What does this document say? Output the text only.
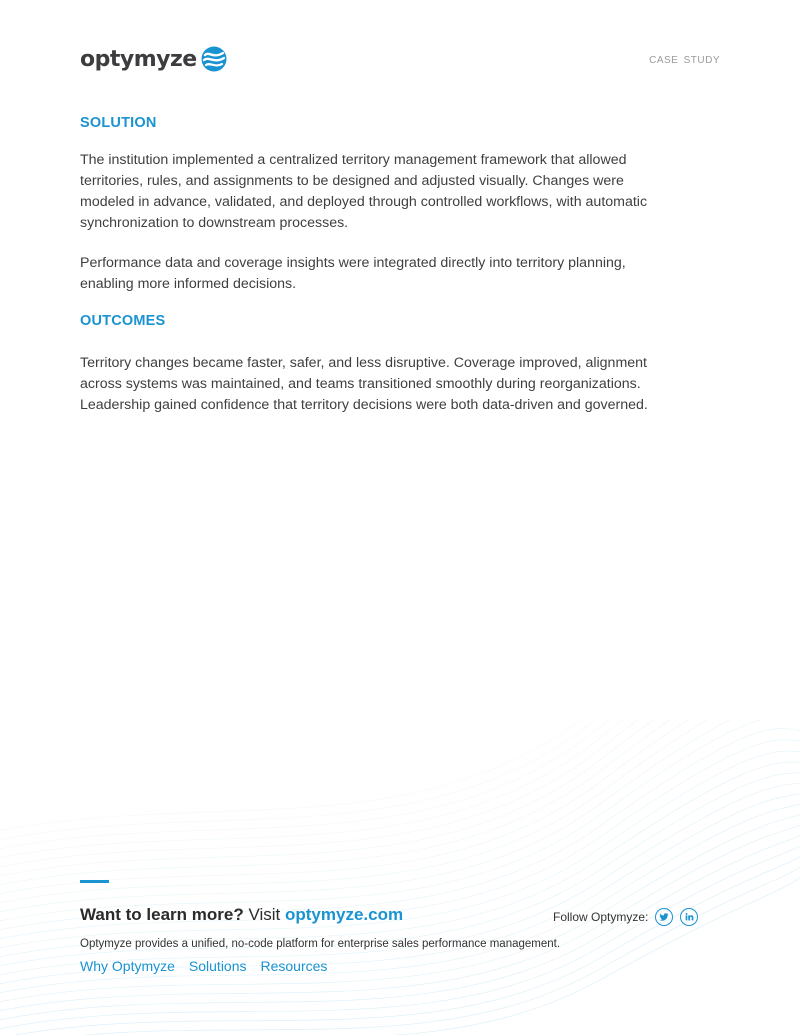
optymyze	CASE STUDY
SOLUTION

The institution implemented a centralized territory management framework that allowed territories, rules, and assignments to be designed and adjusted visually. Changes were modeled in advance, validated, and deployed through controlled workflows, with automatic synchronization to downstream processes.

Performance data and coverage insights were integrated directly into territory planning, enabling more informed decisions.

OUTCOMES

Territory changes became faster, safer, and less disruptive. Coverage improved, alignment across systems was maintained, and teams transitioned smoothly during reorganizations. Leadership gained confidence that territory decisions were both data-driven and governed.

Want to learn more? Visit optymyze.com	Follow Optymyze:
Optymyze provides a unified, no-code platform for enterprise sales performance management.
Why Optymyze Solutions Resources
